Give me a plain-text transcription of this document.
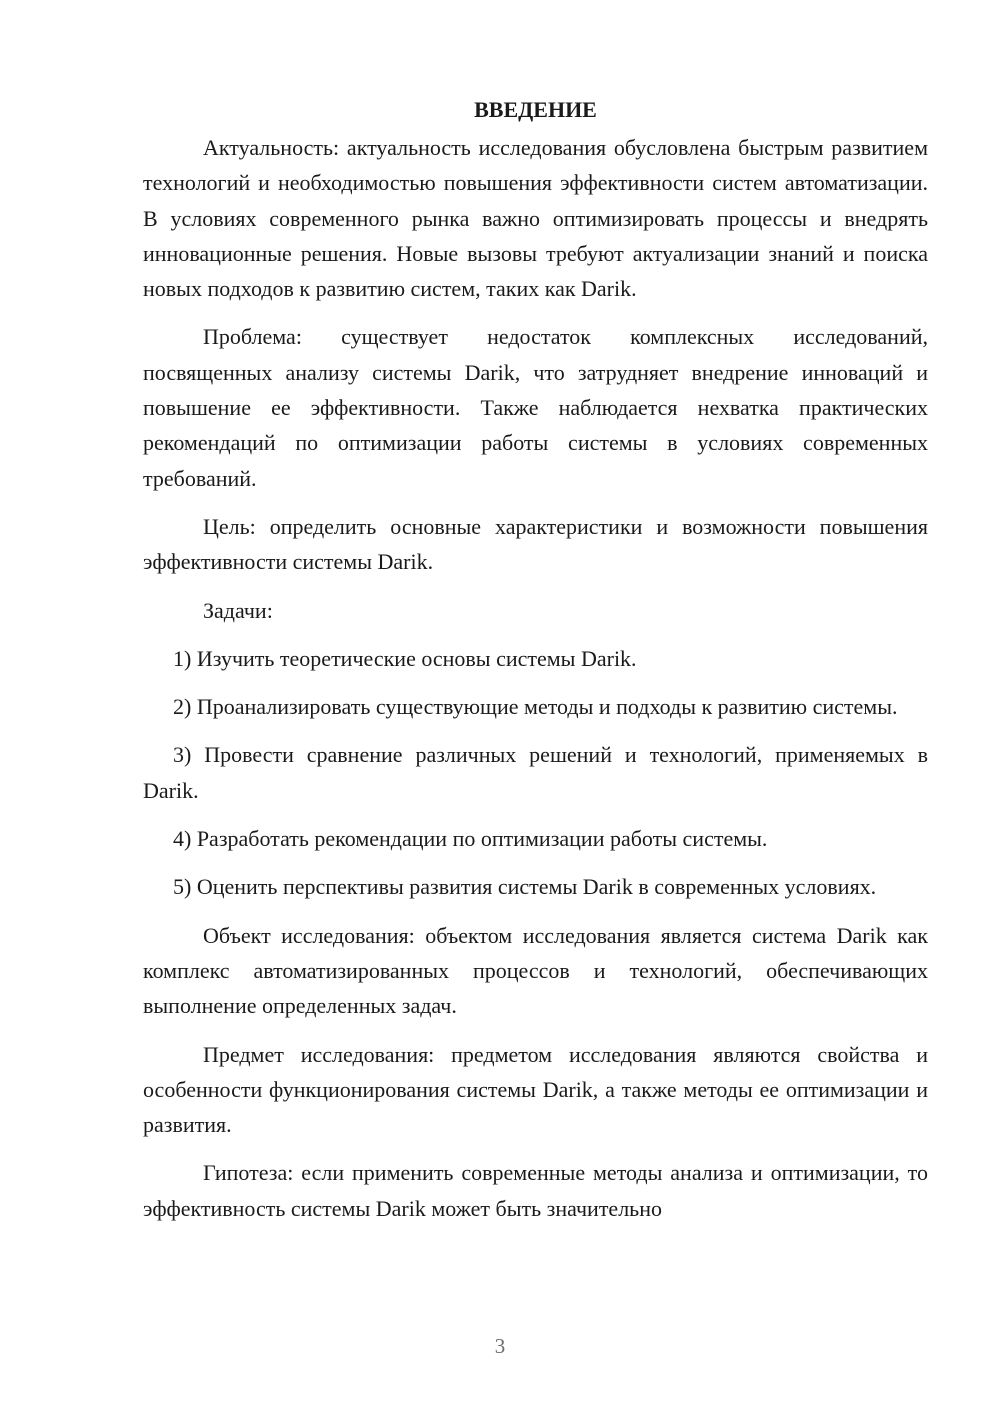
ВВЕДЕНИЕ

Актуальность: актуальность исследования обусловлена быстрым развитием технологий и необходимостью повышения эффективности систем автоматизации. В условиях современного рынка важно оптимизировать процессы и внедрять инновационные решения. Новые вызовы требуют актуализации знаний и поиска новых подходов к развитию систем, таких как Darik.

Проблема: существует недостаток комплексных исследований, посвященных анализу системы Darik, что затрудняет внедрение инноваций и повышение ее эффективности. Также наблюдается нехватка практических рекомендаций по оптимизации работы системы в условиях современных требований.

Цель: определить основные характеристики и возможности повышения эффективности системы Darik.

Задачи:

1) Изучить теоретические основы системы Darik.

2) Проанализировать существующие методы и подходы к развитию системы.

3) Провести сравнение различных решений и технологий, применяемых в Darik.

4) Разработать рекомендации по оптимизации работы системы.

5) Оценить перспективы развития системы Darik в современных условиях.

Объект исследования: объектом исследования является система Darik как комплекс автоматизированных процессов и технологий, обеспечивающих выполнение определенных задач.

Предмет исследования: предметом исследования являются свойства и особенности функционирования системы Darik, а также методы ее оптимизации и развития.

Гипотеза: если применить современные методы анализа и оптимизации, то эффективность системы Darik может быть значительно

3
